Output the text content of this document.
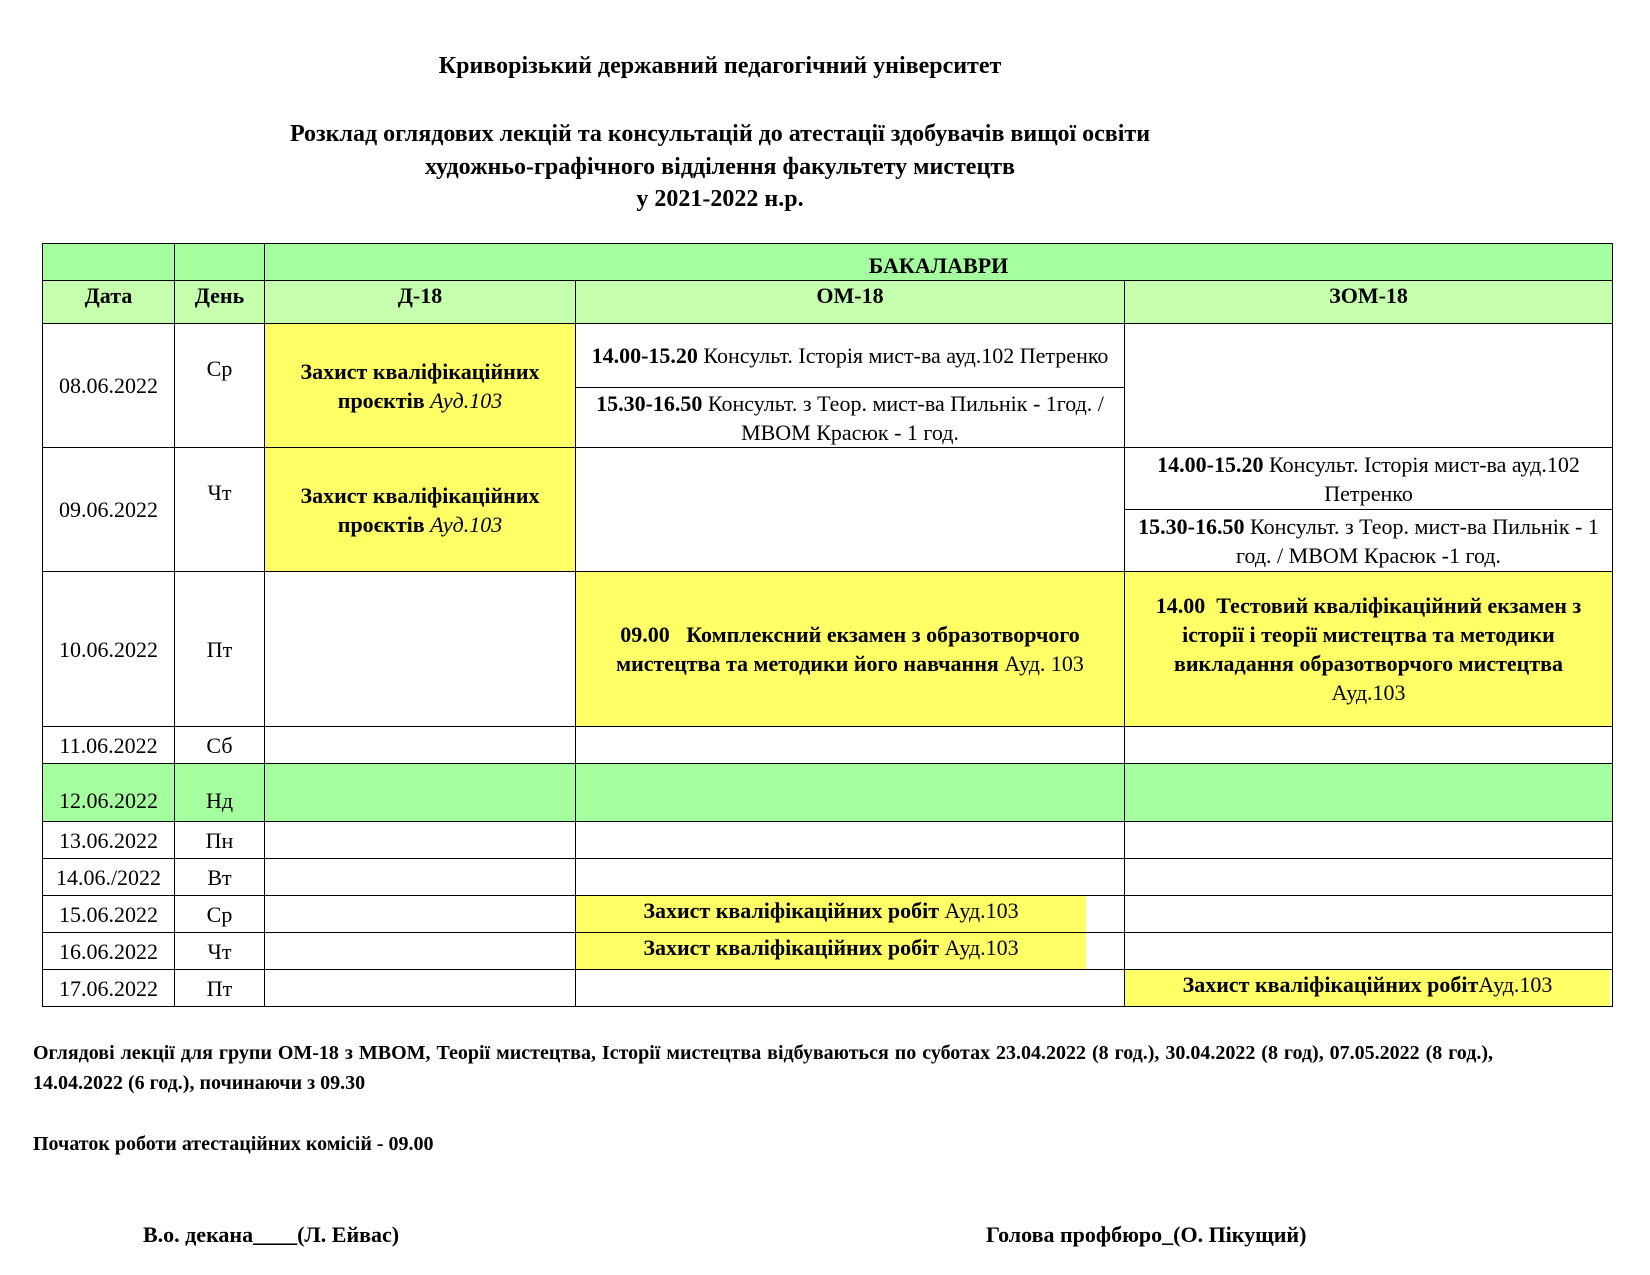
Криворізький державний педагогічний університет
Розклад оглядових лекцій та консультацій до атестації здобувачів вищої освіти
художньо-графічного відділення факультету мистецтв
у 2021-2022 н.р.
		БАКАЛАВРИ		
Дата	День	Д-18	ОМ-18	ЗОМ-18
08.06.2022	Ср	Захист кваліфікаційних проєктів Ауд.103	14.00-15.20 Консульт. Історія мист-ва ауд.102 Петренко	
			15.30-16.50 Консульт. з Теор. мист-ва Пильнік - 1год. / МВОМ Красюк - 1 год.	
09.06.2022	Чт	Захист кваліфікаційних проєктів Ауд.103		14.00-15.20 Консульт. Історія мист-ва ауд.102 Петренко
				15.30-16.50 Консульт. з Теор. мист-ва Пильнік - 1 год. / МВОМ Красюк -1 год.
10.06.2022	Пт		09.00 Комплексний екзамен з образотворчого мистецтва та методики його навчання Ауд. 103	14.00 Тестовий кваліфікаційний екзамен з історії і теорії мистецтва та методики викладання образотворчого мистецтва Ауд.103
11.06.2022	Сб			
12.06.2022	Нд			
13.06.2022	Пн			
14.06./2022	Вт			
15.06.2022	Ср		Захист кваліфікаційних робіт Ауд.103	

16.06.2022	Чт		Захист кваліфікаційних робіт Ауд.103	

17.06.2022	Пт			Захист кваліфікаційних робітАуд.103
Оглядові лекції для групи ОМ-18 з МВОМ, Теорії мистецтва, Історії мистецтва відбуваються по суботах 23.04.2022 (8 год.), 30.04.2022 (8 год), 07.05.2022 (8 год.), 14.04.2022 (6 год.), починаючи з 09.30
Початок роботи атестаційних комісій - 09.00
В.о. декана____(Л. Ейвас)	Голова профбюро_(О. Пікущий)
